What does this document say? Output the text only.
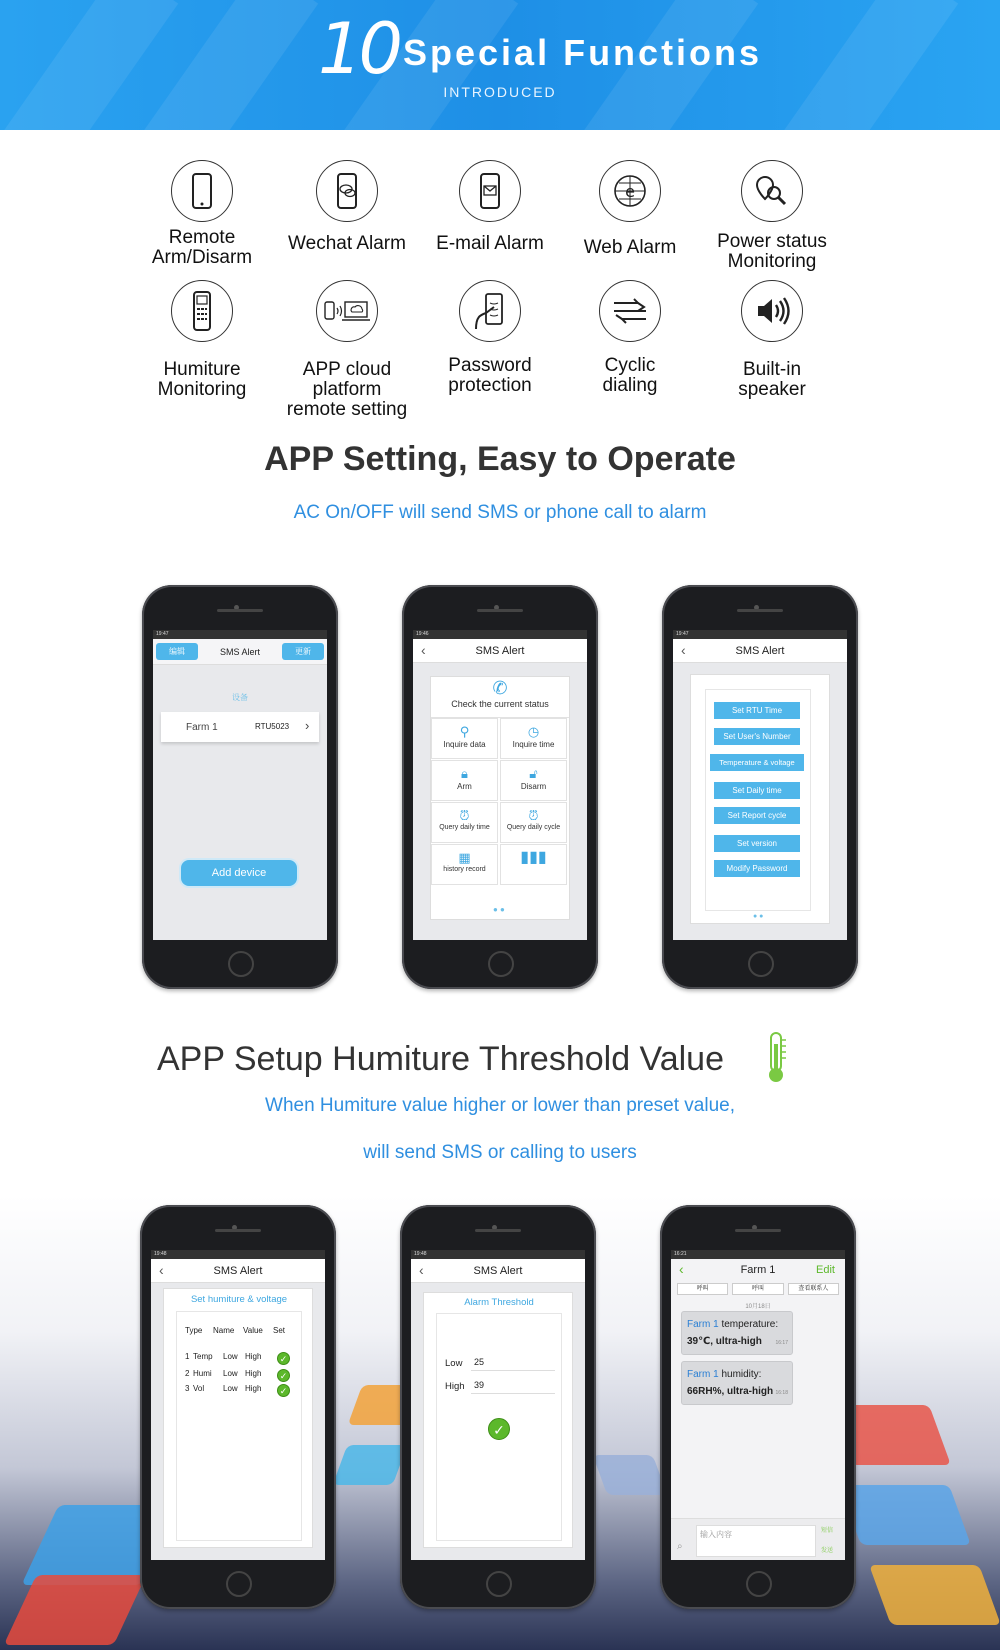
10 Special Functions
INTRODUCED
Remote
Arm/Disarm
Wechat Alarm	E-mail Alarm
e
Web Alarm	Power status
Monitoring
Humiture
Monitoring
APP cloud platform
remote setting
Password
protection
Cyclic
dialing
Built-in
speaker
APP Setting, Easy to Operate
AC On/OFF will send SMS or phone call to alarm
19:47
编辑	SMS Alert	更新
设备
Farm 1	RTU5023 ›
Add device
19:46
‹	SMS Alert
✆
Check the current status
⚲
Inquire data
◷
Inquire time
🔒︎
Arm
🔓︎
Disarm
⏰︎
Query daily time
⏰︎
Query daily cycle
▦
history record
▮▮▮
● ●
19:47
‹	SMS Alert
Set RTU Time
Set User's Number
Temperature & voltage
Set Daily time
Set Report cycle
Set version
Modify Password
● ●
APP Setup Humiture Threshold Value
When Humiture value higher or lower than preset value,
will send SMS or calling to users
19:48
‹	SMS Alert
Set humiture & voltage
Type	Name	Value	Set
1 Temp	Low High	✓
2 Humi	Low High	✓
3 Vol	Low High	✓
19:48
‹	SMS Alert
Alarm Threshold
Low	25
High	39
✓
16:21
‹	Farm 1	Edit
呼叫	呼叫	查看联系人
10月18日
Farm 1 temperature:
39℃, ultra-high	16:17
Farm 1 humidity:
66RH%, ultra-high 16:18
⌕
输入内容	短信
发送
